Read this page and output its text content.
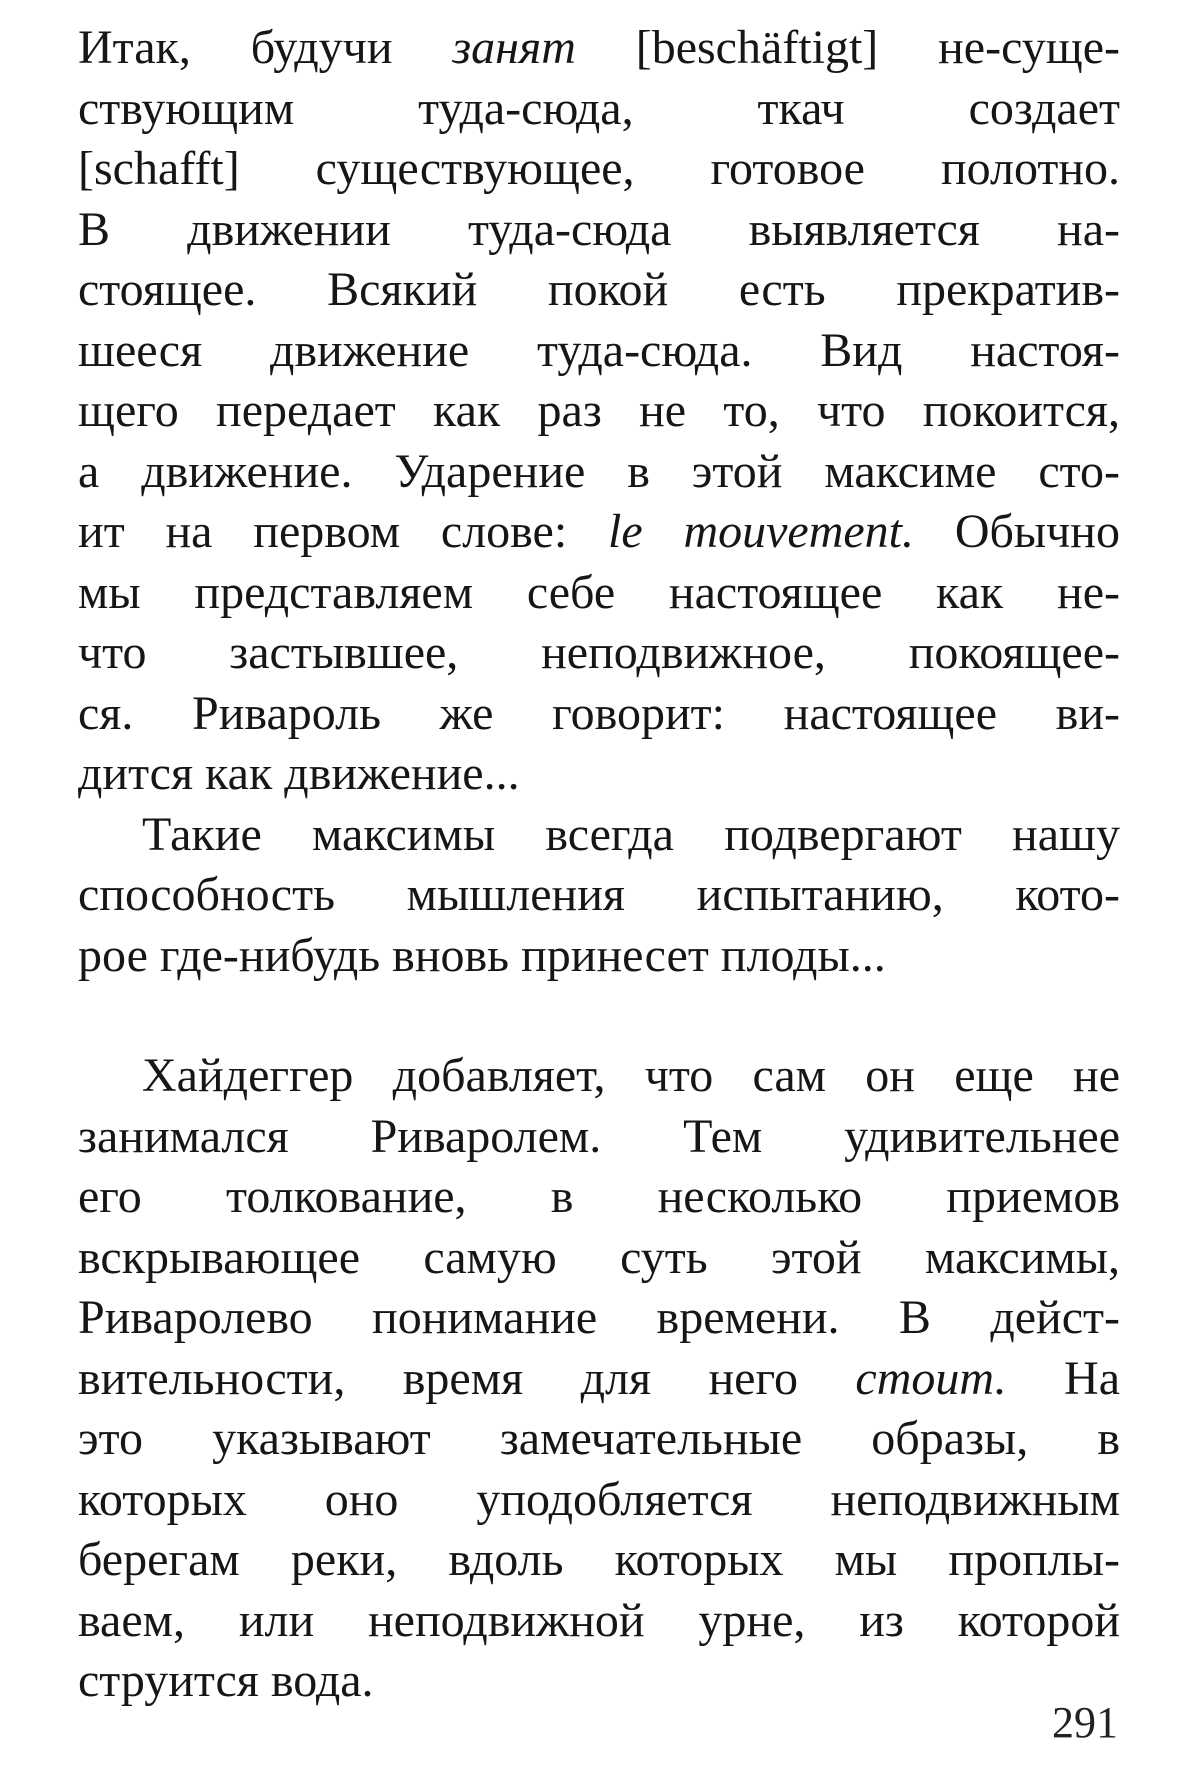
Итак, будучи занят [beschäftigt] не-суще-
ствующим туда-сюда, ткач создает
[schafft] существующее, готовое полотно.
В движении туда-сюда выявляется на-
стоящее. Всякий покой есть прекратив-
шееся движение туда-сюда. Вид настоя-
щего передает как раз не то, что покоится,
а движение. Ударение в этой максиме сто-
ит на первом слове: le mouvement. Обычно
мы представляем себе настоящее как не-
что застывшее, неподвижное, покоящее-
ся. Ривароль же говорит: настоящее ви-
дится как движение...
Такие максимы всегда подвергают нашу
способность мышления испытанию, кото-
рое где-нибудь вновь принесет плоды...
Хайдеггер добавляет, что сам он еще не
занимался Риваролем. Тем удивительнее
его толкование, в несколько приемов
вскрывающее самую суть этой максимы,
Риваролево понимание времени. В дейст-
вительности, время для него стоит. На
это указывают замечательные образы, в
которых оно уподобляется неподвижным
берегам реки, вдоль которых мы проплы-
ваем, или неподвижной урне, из которой
струится вода.
291
